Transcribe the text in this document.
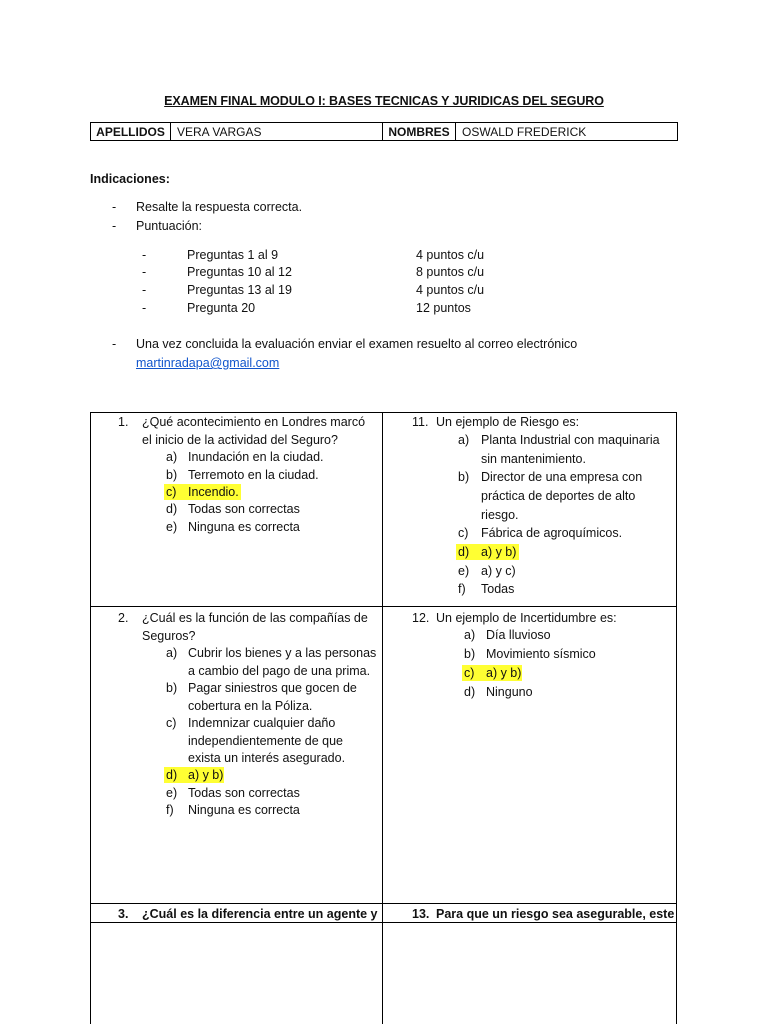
EXAMEN FINAL MODULO I: BASES TECNICAS Y JURIDICAS DEL SEGURO
APELLIDOS	VERA VARGAS	NOMBRES	OSWALD FREDERICK
Indicaciones:
- Resalte la respuesta correcta.
- Puntuación:
-	Preguntas 1 al 9	4 puntos c/u
-	Preguntas 10 al 12	8 puntos c/u
-	Preguntas 13 al 19	4 puntos c/u
-	Pregunta 20	12 puntos
- Una vez concluida la evaluación enviar el examen resuelto al correo electrónico
martinradapa@gmail.com
1. ¿Qué acontecimiento en Londres marcó
el inicio de la actividad del Seguro?
a) Inundación en la ciudad.
b) Terremoto en la ciudad.
c) Incendio.
d) Todas son correctas
e) Ninguna es correcta
11. Un ejemplo de Riesgo es:
a) Planta Industrial con maquinaria
sin mantenimiento.
b) Director de una empresa con
práctica de deportes de alto
riesgo.
c) Fábrica de agroquímicos.
d) a) y b)
e) a) y c)
f) Todas
2. ¿Cuál es la función de las compañías de
Seguros?
a) Cubrir los bienes y a las personas
a cambio del pago de una prima.
b) Pagar siniestros que gocen de
cobertura en la Póliza.
c) Indemnizar cualquier daño
independientemente de que
exista un interés asegurado.
d) a) y b)
e) Todas son correctas
f) Ninguna es correcta
12. Un ejemplo de Incertidumbre es:
a) Día lluvioso
b) Movimiento sísmico
c) a) y b)
d) Ninguno
3. ¿Cuál es la diferencia entre un agente y	13. Para que un riesgo sea asegurable, este
